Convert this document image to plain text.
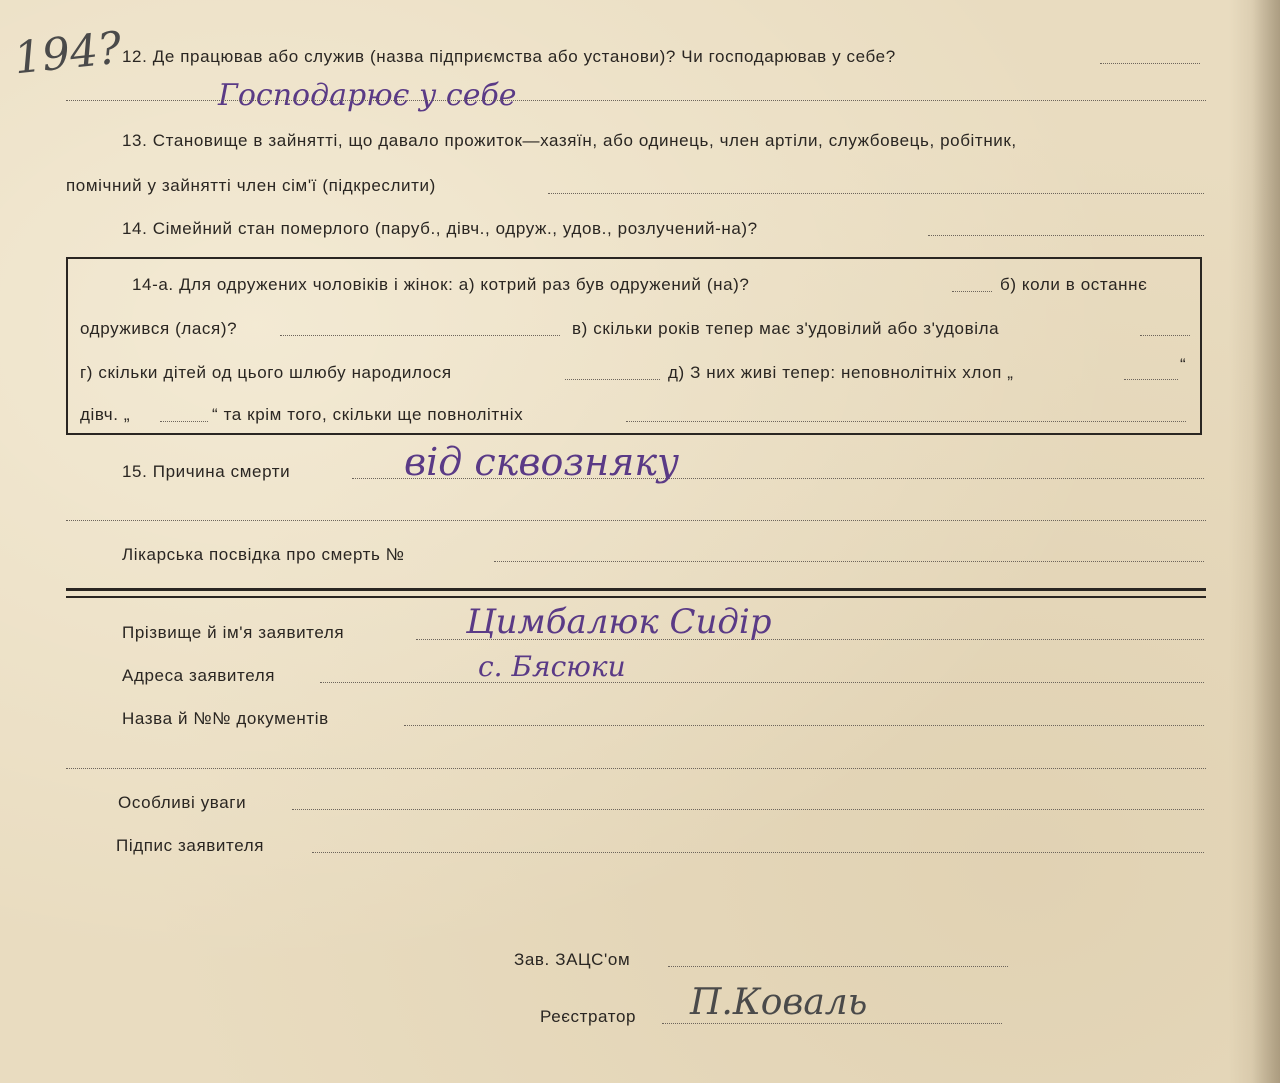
194?
12. Де працював або служив (назва підприємства або установи)? Чи господарював у себе?
Господарює у себе
13. Становище в зайнятті, що давало прожиток—хазяїн, або одинець, член артіли, службовець, робітник,
помічний у зайнятті член сім'ї (підкреслити)
14. Сімейний стан померлого (паруб., дівч., одруж., удов., розлучений-на)?
14-а. Для одружених чоловіків і жінок: а) котрий раз був одружений (на)?	б) коли в останнє
одружився (лася)?	в) скільки років тепер має з'удовілий або з'удовіла
г) скільки дітей од цього шлюбу народилося	д) З них живі тепер: неповнолітніх хлоп „	“
дівч. „	“ та крім того, скільки ще повнолітніх
15. Причина смерти	від сквозняку
Лікарська посвідка про смерть №
Прізвище й ім'я заявителя	Цимбалюк Сидір
Адреса заявителя	с. Бясюки
Назва й №№ документів
Особливі уваги
Підпис заявителя
Зав. ЗАЦС'ом
Реєстратор П.Коваль
